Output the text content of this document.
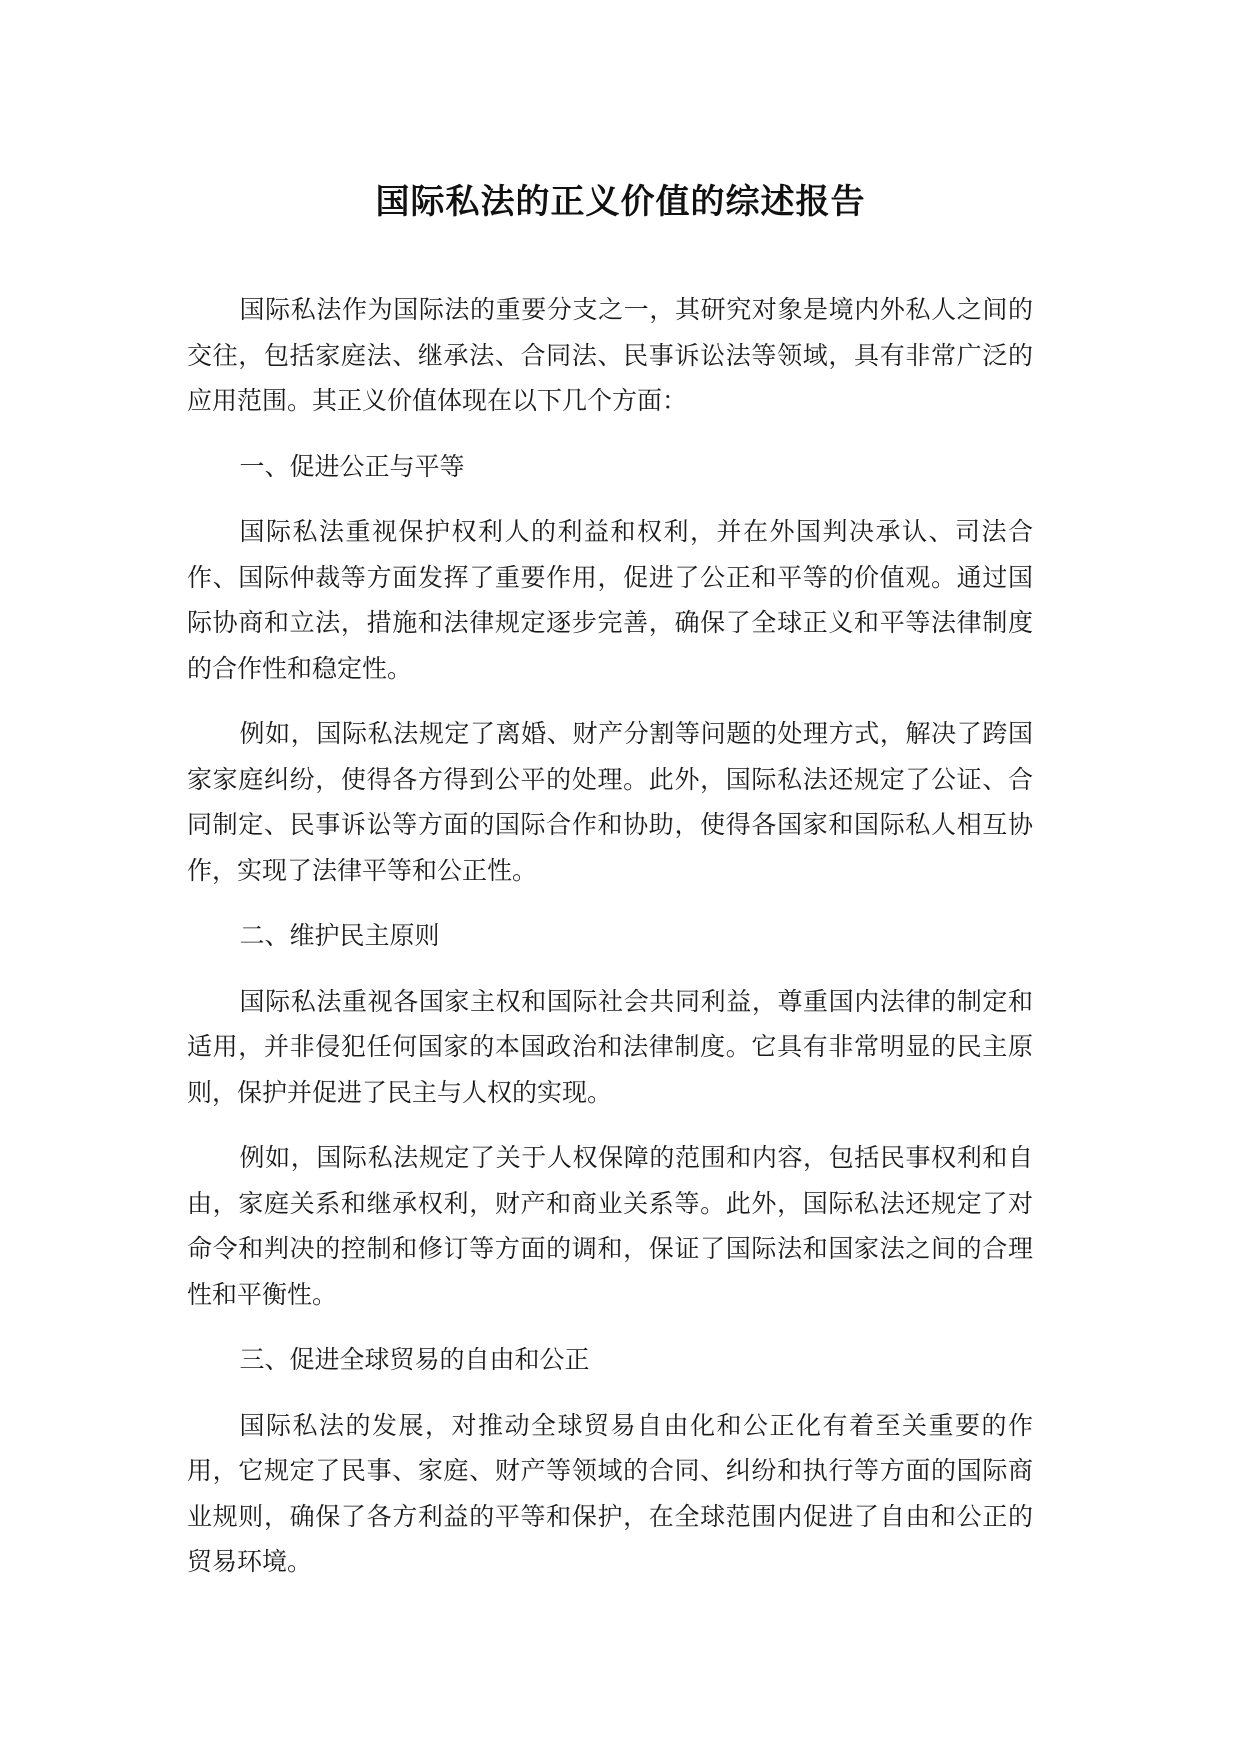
国际私法的正义价值的综述报告

国际私法作为国际法的重要分支之一，其研究对象是境内外私人之间的交往，包括家庭法、继承法、合同法、民事诉讼法等领域，具有非常广泛的应用范围。其正义价值体现在以下几个方面：

一、促进公正与平等

国际私法重视保护权利人的利益和权利，并在外国判决承认、司法合作、国际仲裁等方面发挥了重要作用，促进了公正和平等的价值观。通过国际协商和立法，措施和法律规定逐步完善，确保了全球正义和平等法律制度的合作性和稳定性。

例如，国际私法规定了离婚、财产分割等问题的处理方式，解决了跨国家家庭纠纷，使得各方得到公平的处理。此外，国际私法还规定了公证、合同制定、民事诉讼等方面的国际合作和协助，使得各国家和国际私人相互协作，实现了法律平等和公正性。

二、维护民主原则

国际私法重视各国家主权和国际社会共同利益，尊重国内法律的制定和适用，并非侵犯任何国家的本国政治和法律制度。它具有非常明显的民主原则，保护并促进了民主与人权的实现。

例如，国际私法规定了关于人权保障的范围和内容，包括民事权利和自由，家庭关系和继承权利，财产和商业关系等。此外，国际私法还规定了对命令和判决的控制和修订等方面的调和，保证了国际法和国家法之间的合理性和平衡性。

三、促进全球贸易的自由和公正

国际私法的发展，对推动全球贸易自由化和公正化有着至关重要的作用，它规定了民事、家庭、财产等领域的合同、纠纷和执行等方面的国际商业规则，确保了各方利益的平等和保护，在全球范围内促进了自由和公正的贸易环境。
